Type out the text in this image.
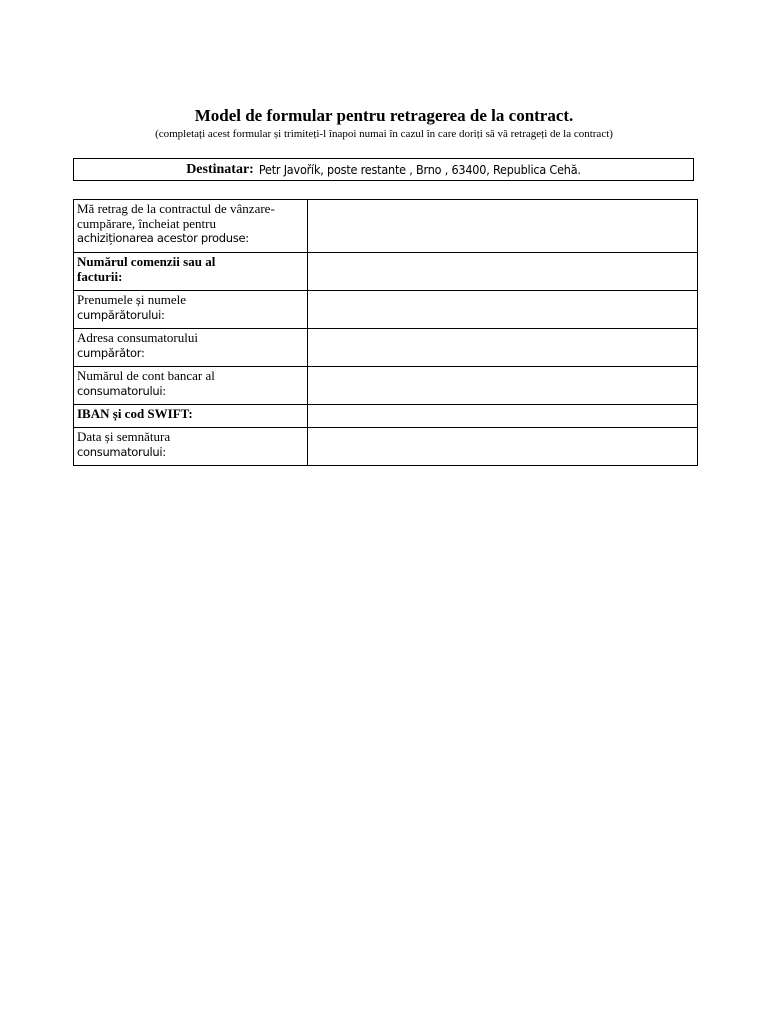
Model de formular pentru retragerea de la contract.
(completați acest formular și trimiteți-l înapoi numai în cazul în care doriți să vă retrageți de la contract)
Destinatar: Petr Javořík, poste restante , Brno , 63400, Republica Cehă.
Mă retrag de la contractul de vânzare-
cumpărare, încheiat pentru
achiziționarea acestor produse:	

Numărul comenzii sau al
facturii:	

Prenumele și numele
cumpărătorului:	

Adresa consumatorului
cumpărător:	

Numărul de cont bancar al
consumatorului:	

IBAN și cod SWIFT:	

Data și semnătura
consumatorului:	
